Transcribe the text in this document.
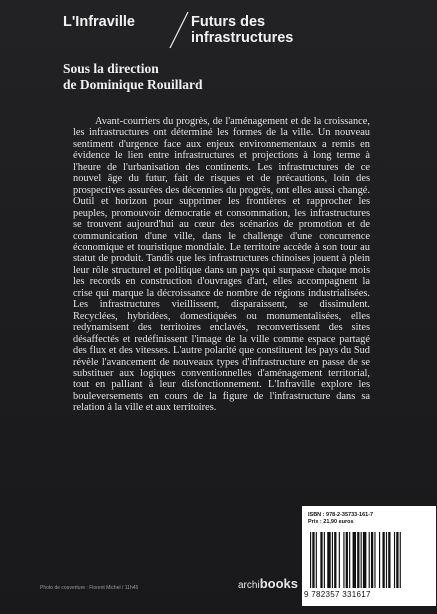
L'Infraville	Futurs des
infrastructures
Sous la direction
de Dominique Rouillard

Avant-courriers du progrès, de l'aménagement et de la croissance, les infrastructures ont déterminé les formes de la ville. Un nouveau sentiment d'urgence face aux enjeux environnementaux a remis en évidence le lien entre infrastructures et projections à long terme à l'heure de l'urbanisation des continents. Les infrastructures de ce nouvel âge du futur, fait de risques et de précautions, loin des prospectives assurées des décennies du progrès, ont elles aussi changé. Outil et horizon pour supprimer les frontières et rapprocher les peuples, promouvoir démocratie et consommation, les infrastructures se trouvent aujourd'hui au cœur des scénarios de promotion et de communication d'une ville, dans le challenge d'une concurrence économique et touristique mondiale. Le territoire accède à son tour au statut de produit. Tandis que les infrastructures chinoises jouent à plein leur rôle structurel et politique dans un pays qui surpasse chaque mois les records en construction d'ouvrages d'art, elles accompagnent la crise qui marque la décroissance de nombre de régions industrialisées. Les infrastructures vieillissent, disparaissent, se dissimulent. Recyclées, hybridées, domestiquées ou monumentalisées, elles redynamisent des territoires enclavés, reconvertissent des sites désaffectés et redéfinissent l'image de la ville comme espace partagé des flux et des vitesses. L'autre polarité que constituent les pays du Sud révèle l'avancement de nouveaux types d'infrastructure en passe de se substituer aux logiques conventionnelles d'aménagement territorial, tout en palliant à leur disfonctionnement. L'Infraville explore les bouleversements en cours de la figure de l'infrastructure dans sa relation à la ville et aux territoires.

ISBN : 978-2-35733-161-7
Prix : 21,90 euros
9 782357 331617
Photo de couverture : Florent Michel / 11h45	archibooks
